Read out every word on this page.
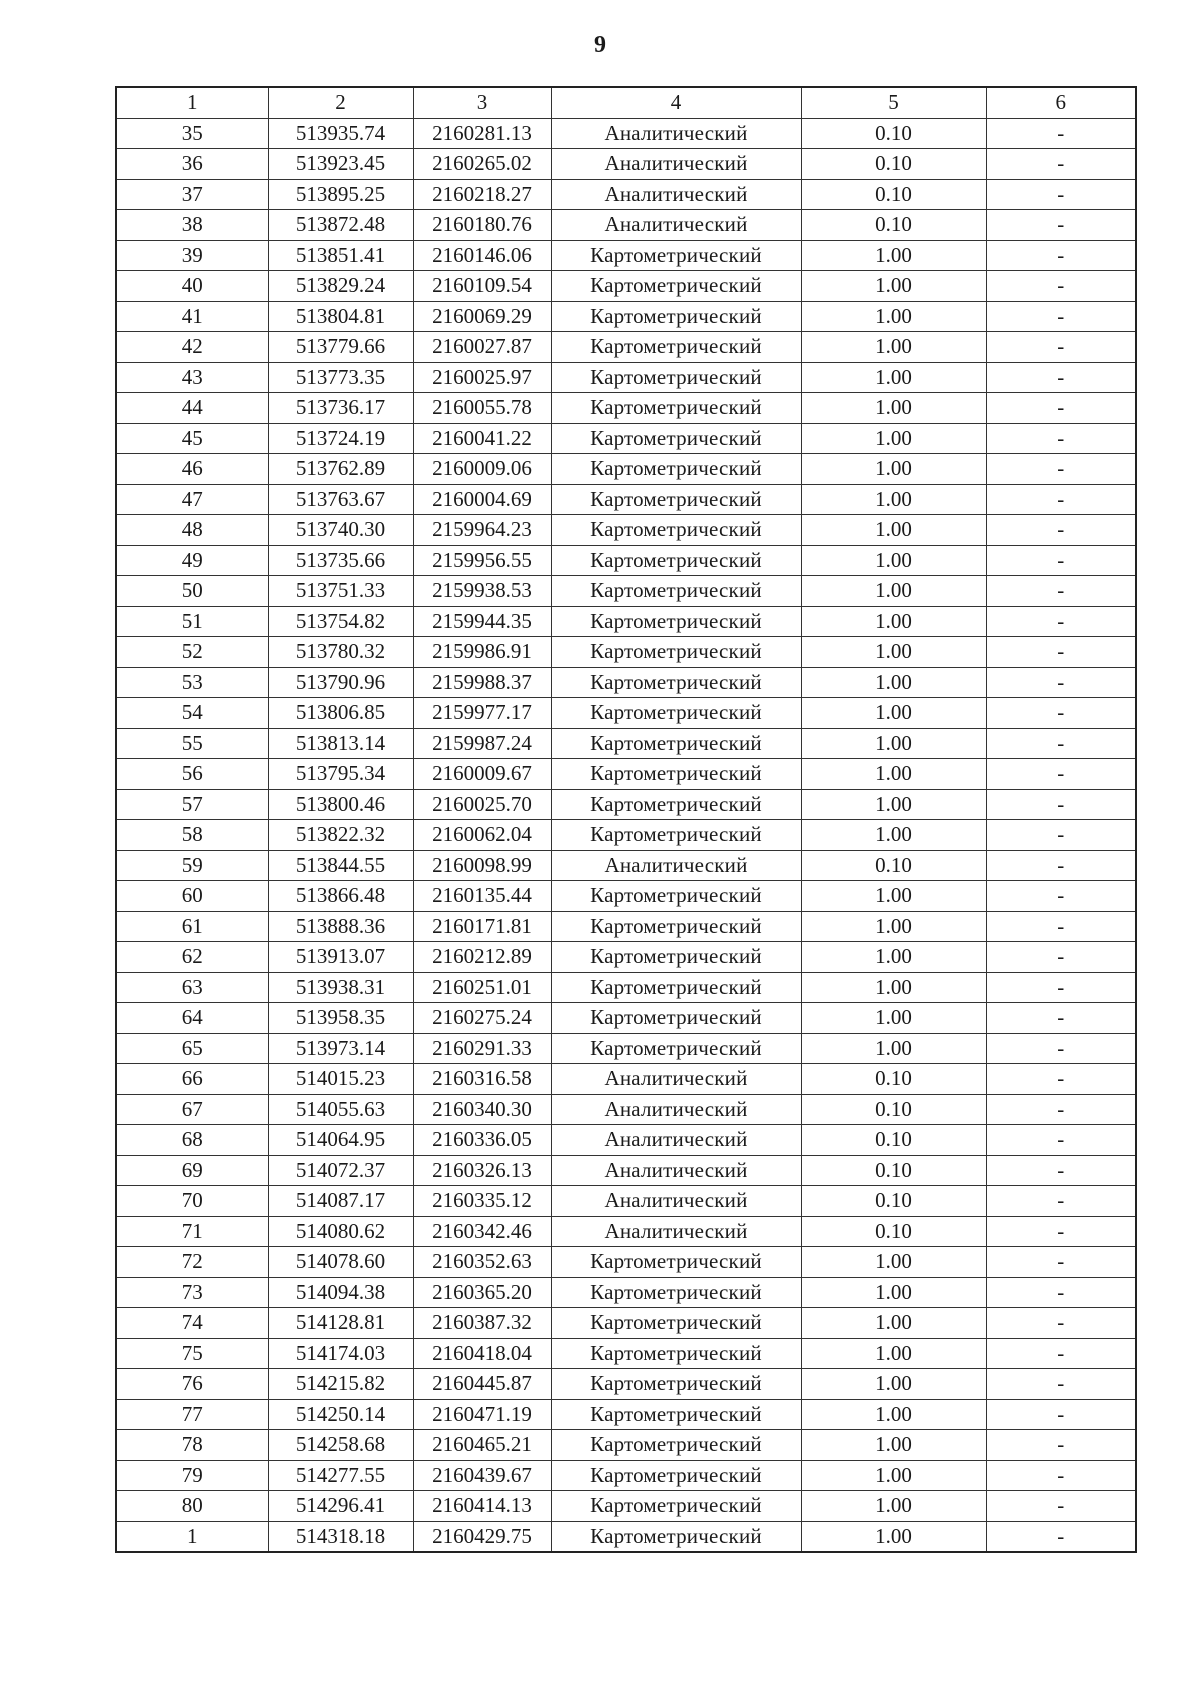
9
1	2	3	4	5	6
35	513935.74	2160281.13	Аналитический	0.10	-
36	513923.45	2160265.02	Аналитический	0.10	-
37	513895.25	2160218.27	Аналитический	0.10	-
38	513872.48	2160180.76	Аналитический	0.10	-
39	513851.41	2160146.06	Картометрический	1.00	-
40	513829.24	2160109.54	Картометрический	1.00	-
41	513804.81	2160069.29	Картометрический	1.00	-
42	513779.66	2160027.87	Картометрический	1.00	-
43	513773.35	2160025.97	Картометрический	1.00	-
44	513736.17	2160055.78	Картометрический	1.00	-
45	513724.19	2160041.22	Картометрический	1.00	-
46	513762.89	2160009.06	Картометрический	1.00	-
47	513763.67	2160004.69	Картометрический	1.00	-
48	513740.30	2159964.23	Картометрический	1.00	-
49	513735.66	2159956.55	Картометрический	1.00	-
50	513751.33	2159938.53	Картометрический	1.00	-
51	513754.82	2159944.35	Картометрический	1.00	-
52	513780.32	2159986.91	Картометрический	1.00	-
53	513790.96	2159988.37	Картометрический	1.00	-
54	513806.85	2159977.17	Картометрический	1.00	-
55	513813.14	2159987.24	Картометрический	1.00	-
56	513795.34	2160009.67	Картометрический	1.00	-
57	513800.46	2160025.70	Картометрический	1.00	-
58	513822.32	2160062.04	Картометрический	1.00	-
59	513844.55	2160098.99	Аналитический	0.10	-
60	513866.48	2160135.44	Картометрический	1.00	-
61	513888.36	2160171.81	Картометрический	1.00	-
62	513913.07	2160212.89	Картометрический	1.00	-
63	513938.31	2160251.01	Картометрический	1.00	-
64	513958.35	2160275.24	Картометрический	1.00	-
65	513973.14	2160291.33	Картометрический	1.00	-
66	514015.23	2160316.58	Аналитический	0.10	-
67	514055.63	2160340.30	Аналитический	0.10	-
68	514064.95	2160336.05	Аналитический	0.10	-
69	514072.37	2160326.13	Аналитический	0.10	-
70	514087.17	2160335.12	Аналитический	0.10	-
71	514080.62	2160342.46	Аналитический	0.10	-
72	514078.60	2160352.63	Картометрический	1.00	-
73	514094.38	2160365.20	Картометрический	1.00	-
74	514128.81	2160387.32	Картометрический	1.00	-
75	514174.03	2160418.04	Картометрический	1.00	-
76	514215.82	2160445.87	Картометрический	1.00	-
77	514250.14	2160471.19	Картометрический	1.00	-
78	514258.68	2160465.21	Картометрический	1.00	-
79	514277.55	2160439.67	Картометрический	1.00	-
80	514296.41	2160414.13	Картометрический	1.00	-
1	514318.18	2160429.75	Картометрический	1.00	-
